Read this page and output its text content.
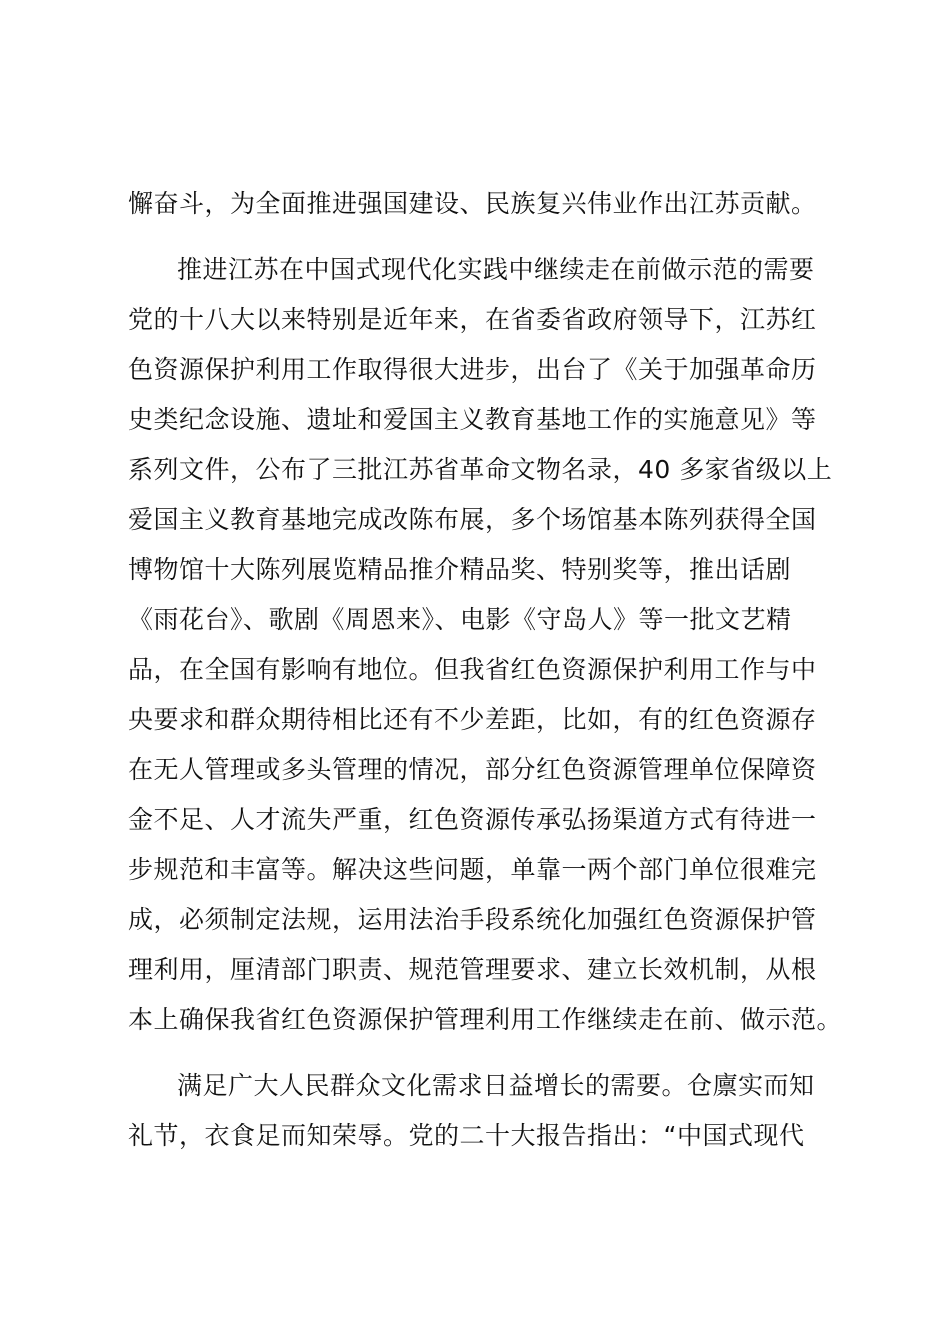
懈奋斗，为全面推进强国建设、民族复兴伟业作出江苏贡献。
推进江苏在中国式现代化实践中继续走在前做示范的需要
党的十八大以来特别是近年来，在省委省政府领导下，江苏红
色资源保护利用工作取得很大进步，出台了《关于加强革命历
史类纪念设施、遗址和爱国主义教育基地工作的实施意见》等
系列文件，公布了三批江苏省革命文物名录，40 多家省级以上
爱国主义教育基地完成改陈布展，多个场馆基本陈列获得全国
博物馆十大陈列展览精品推介精品奖、特别奖等，推出话剧
《雨花台》、歌剧《周恩来》、电影《守岛人》等一批文艺精
品，在全国有影响有地位。但我省红色资源保护利用工作与中
央要求和群众期待相比还有不少差距，比如，有的红色资源存
在无人管理或多头管理的情况，部分红色资源管理单位保障资
金不足、人才流失严重，红色资源传承弘扬渠道方式有待进一
步规范和丰富等。解决这些问题，单靠一两个部门单位很难完
成，必须制定法规，运用法治手段系统化加强红色资源保护管
理利用，厘清部门职责、规范管理要求、建立长效机制，从根
本上确保我省红色资源保护管理利用工作继续走在前、做示范。
满足广大人民群众文化需求日益增长的需要。仓廪实而知
礼节，衣食足而知荣辱。党的二十大报告指出：“中国式现代
